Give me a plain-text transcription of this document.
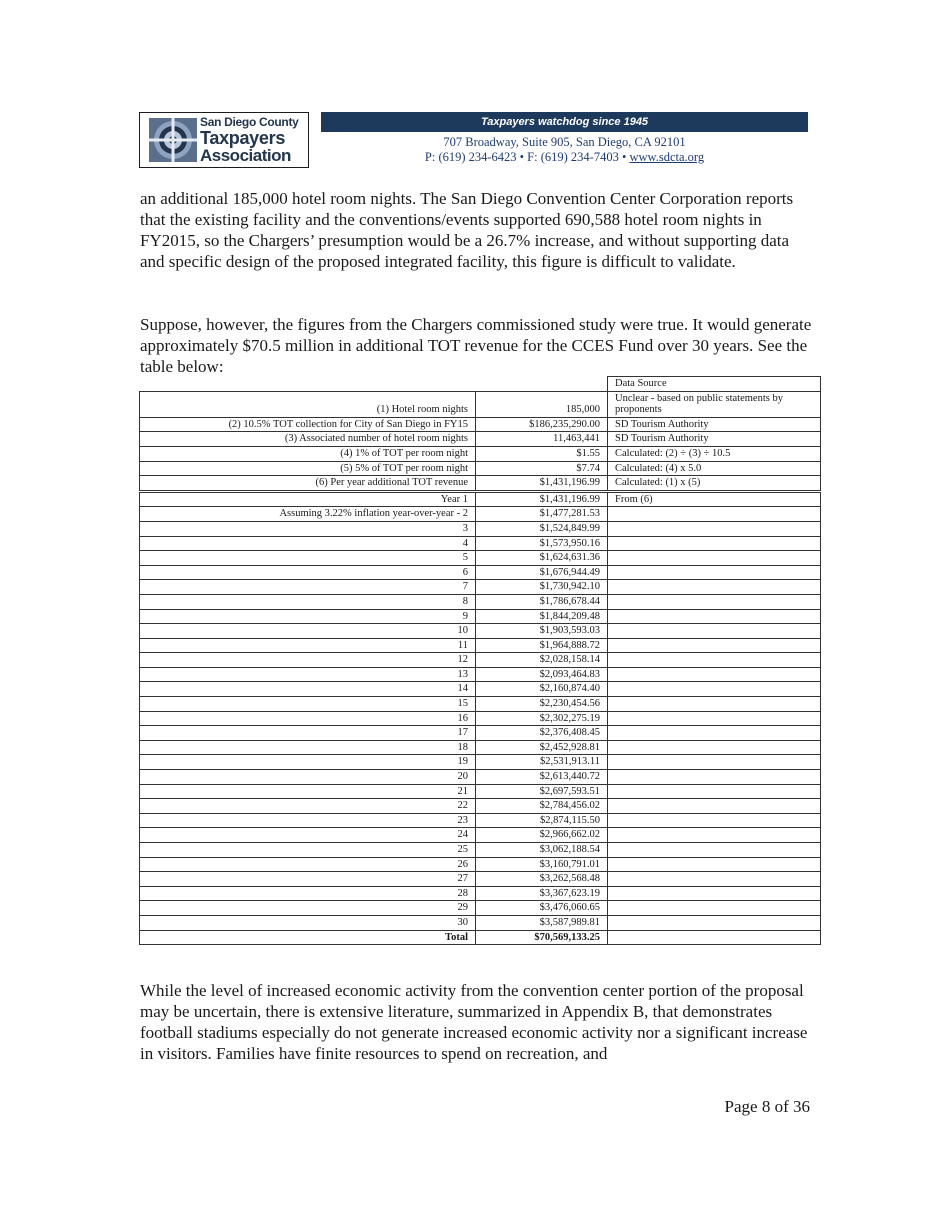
San Diego County
Taxpayers
Association
Taxpayers watchdog since 1945
707 Broadway, Suite 905, San Diego, CA 92101
P: (619) 234-6423 • F: (619) 234-7403 • www.sdcta.org

an additional 185,000 hotel room nights. The San Diego Convention Center Corporation reports that the existing facility and the conventions/events supported 690,588 hotel room nights in FY2015, so the Chargers’ presumption would be a 26.7% increase, and without supporting data and specific design of the proposed integrated facility, this figure is difficult to validate.

Suppose, however, the figures from the Chargers commissioned study were true. It would generate approximately $70.5 million in additional TOT revenue for the CCES Fund over 30 years. See the table below:

		Data Source
(1) Hotel room nights	185,000	Unclear - based on public statements by proponents
(2) 10.5% TOT collection for City of San Diego in FY15	$186,235,290.00	SD Tourism Authority
(3) Associated number of hotel room nights	11,463,441	SD Tourism Authority
(4) 1% of TOT per room night	$1.55	Calculated: (2) ÷ (3) ÷ 10.5
(5) 5% of TOT per room night	$7.74	Calculated: (4) x 5.0
(6) Per year additional TOT revenue	$1,431,196.99	Calculated: (1) x (5)
Year 1	$1,431,196.99	From (6)
Assuming 3.22% inflation year-over-year - 2	$1,477,281.53	
3	$1,524,849.99	
4	$1,573,950.16	
5	$1,624,631.36	
6	$1,676,944.49	
7	$1,730,942.10	
8	$1,786,678.44	
9	$1,844,209.48	
10	$1,903,593.03	
11	$1,964,888.72	
12	$2,028,158.14	
13	$2,093,464.83	
14	$2,160,874.40	
15	$2,230,454.56	
16	$2,302,275.19	
17	$2,376,408.45	
18	$2,452,928.81	
19	$2,531,913.11	
20	$2,613,440.72	
21	$2,697,593.51	
22	$2,784,456.02	
23	$2,874,115.50	
24	$2,966,662.02	
25	$3,062,188.54	
26	$3,160,791.01	
27	$3,262,568.48	
28	$3,367,623.19	
29	$3,476,060.65	
30	$3,587,989.81	
Total	$70,569,133.25	

While the level of increased economic activity from the convention center portion of the proposal may be uncertain, there is extensive literature, summarized in Appendix B, that demonstrates football stadiums especially do not generate increased economic activity nor a significant increase in visitors. Families have finite resources to spend on recreation, and

Page 8 of 36
